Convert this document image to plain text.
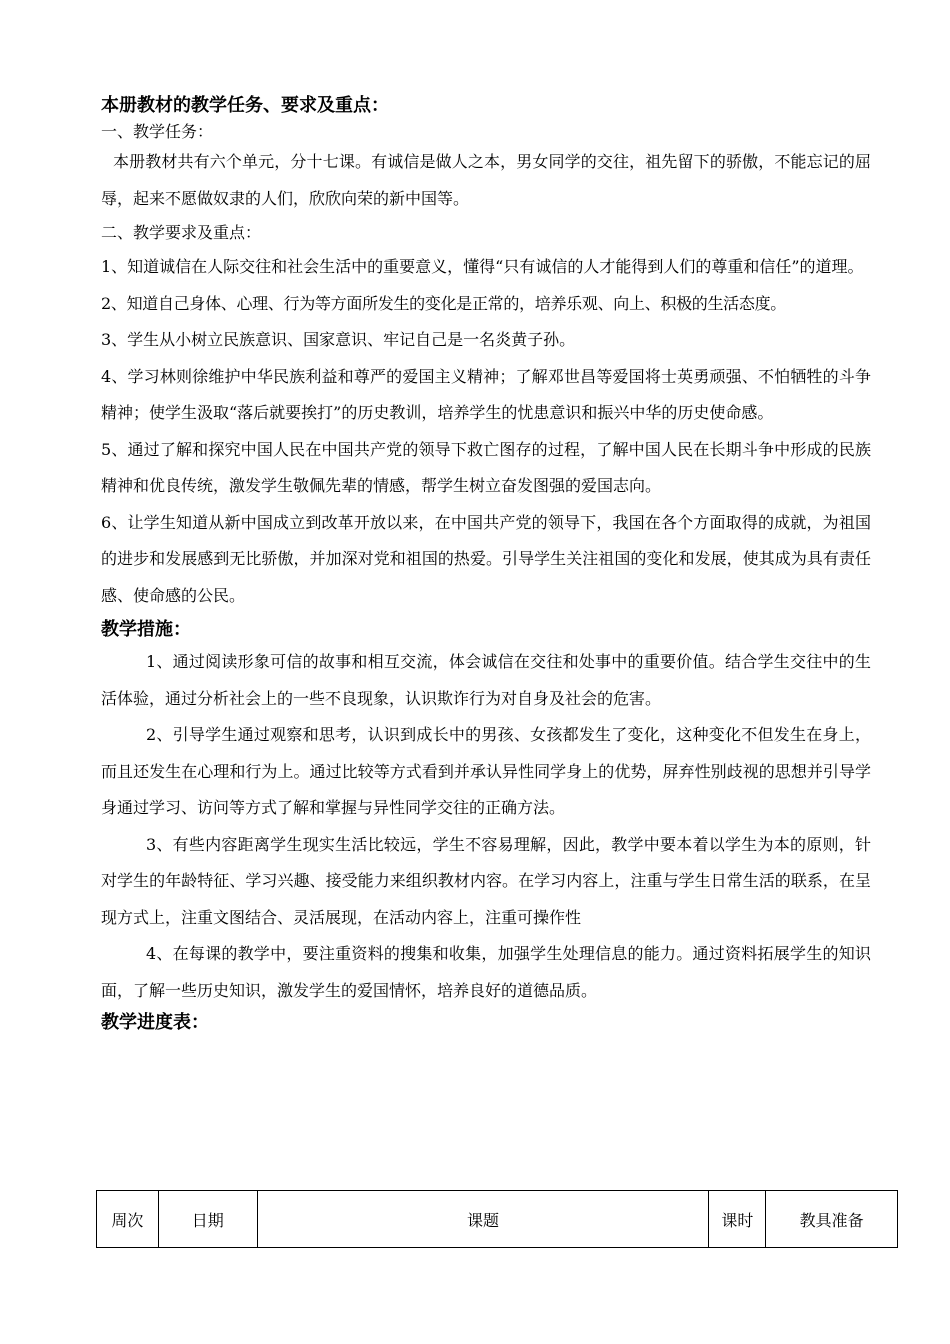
本册教材的教学任务、要求及重点：

一、教学任务：

本册教材共有六个单元，分十七课。有诚信是做人之本，男女同学的交往，祖先留下的骄傲，不能忘记的屈辱，起来不愿做奴隶的人们，欣欣向荣的新中国等。

二、教学要求及重点：

1、知道诚信在人际交往和社会生活中的重要意义，懂得“只有诚信的人才能得到人们的尊重和信任”的道理。

2、知道自己身体、心理、行为等方面所发生的变化是正常的，培养乐观、向上、积极的生活态度。

3、学生从小树立民族意识、国家意识、牢记自己是一名炎黄子孙。

4、学习林则徐维护中华民族利益和尊严的爱国主义精神；了解邓世昌等爱国将士英勇顽强、不怕牺牲的斗争精神；使学生汲取“落后就要挨打”的历史教训，培养学生的忧患意识和振兴中华的历史使命感。

5、通过了解和探究中国人民在中国共产党的领导下救亡图存的过程，了解中国人民在长期斗争中形成的民族精神和优良传统，激发学生敬佩先辈的情感，帮学生树立奋发图强的爱国志向。

6、让学生知道从新中国成立到改革开放以来，在中国共产党的领导下，我国在各个方面取得的成就，为祖国的进步和发展感到无比骄傲，并加深对党和祖国的热爱。引导学生关注祖国的变化和发展，使其成为具有责任感、使命感的公民。

教学措施：

1、通过阅读形象可信的故事和相互交流，体会诚信在交往和处事中的重要价值。结合学生交往中的生活体验，通过分析社会上的一些不良现象，认识欺诈行为对自身及社会的危害。

2、引导学生通过观察和思考，认识到成长中的男孩、女孩都发生了变化，这种变化不但发生在身上，而且还发生在心理和行为上。通过比较等方式看到并承认异性同学身上的优势，屏弃性别歧视的思想并引导学身通过学习、访问等方式了解和掌握与异性同学交往的正确方法。

3、有些内容距离学生现实生活比较远，学生不容易理解，因此，教学中要本着以学生为本的原则，针对学生的年龄特征、学习兴趣、接受能力来组织教材内容。在学习内容上，注重与学生日常生活的联系，在呈现方式上，注重文图结合、灵活展现，在活动内容上，注重可操作性

4、在每课的教学中，要注重资料的搜集和收集，加强学生处理信息的能力。通过资料拓展学生的知识面，了解一些历史知识，激发学生的爱国情怀，培养良好的道德品质。

教学进度表：

周次	日期	课题	课时	教具准备
